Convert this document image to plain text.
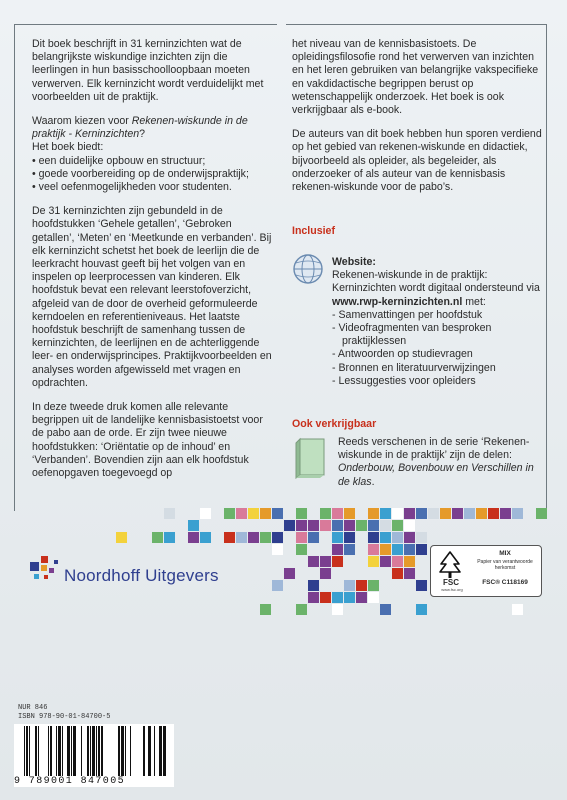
Dit boek beschrijft in 31 kerninzichten wat de belangrijkste wiskundige inzichten zijn die leerlingen in hun basisschoolloopbaan moeten verwerven. Elk kerninzicht wordt verduidelijkt met voorbeelden uit de praktijk.

Waarom kiezen voor Rekenen-wiskunde in de praktijk - Kerninzichten?

Het boek biedt:

• een duidelijke opbouw en structuur;
• goede voorbereiding op de onderwijspraktijk;
• veel oefenmogelijkheden voor studenten.

De 31 kerninzichten zijn gebundeld in de hoofdstukken ‘Gehele getallen’, ‘Gebroken getallen’, ‘Meten’ en ‘Meetkunde en verbanden’. Bij elk kerninzicht schetst het boek de leerlijn die de leerkracht houvast geeft bij het volgen van en inspelen op leerprocessen van kinderen. Elk hoofdstuk bevat een relevant leerstofoverzicht, afgeleid van de door de overheid geformuleerde kerndoelen en referentieniveaus. Het laatste hoofdstuk beschrijft de samenhang tussen de kerninzichten, de leerlijnen en de achterliggende leer- en onderwijsprincipes. Praktijkvoorbeelden en analyses worden afgewisseld met vragen en opdrachten.

In deze tweede druk komen alle relevante begrippen uit de landelijke kennisbasistoetst voor de pabo aan de orde. Er zijn twee nieuwe hoofdstukken: ‘Oriëntatie op de inhoud’ en ‘Verbanden’. Bovendien zijn aan elk hoofdstuk oefenopgaven toegevoegd op

het niveau van de kennisbasistoets. De opleidingsfilosofie rond het verwerven van inzichten en het leren gebruiken van belangrijke vakspecifieke en vakdidactische begrippen berust op wetenschappelijk onderzoek. Het boek is ook verkrijgbaar als e-book.

De auteurs van dit boek hebben hun sporen verdiend op het gebied van rekenen-wiskunde en didactiek, bijvoorbeeld als opleider, als begeleider, als onderzoeker of als auteur van de kennisbasis rekenen-wiskunde voor de pabo’s.

Inclusief
Website:
Rekenen-wiskunde in de praktijk: Kerninzichten wordt digitaal ondersteund via www.rwp-kerninzichten.nl met:
- Samenvattingen per hoofdstuk
- Videofragmenten van besproken praktijklessen
- Antwoorden op studievragen
- Bronnen en literatuurverwijzingen
- Lessuggesties voor opleiders
Ook verkrijgbaar
Reeds verschenen in de serie ‘Rekenen-wiskunde in de praktijk’ zijn de delen: Onderbouw, Bovenbouw en Verschillen in de klas.
Noordhoff Uitgevers	FSC
www.fsc.org
MIX
Papier van verantwoorde herkomst
FSC® C118169
NUR 846
ISBN 978-90-01-84700-5
9 789001 847005
